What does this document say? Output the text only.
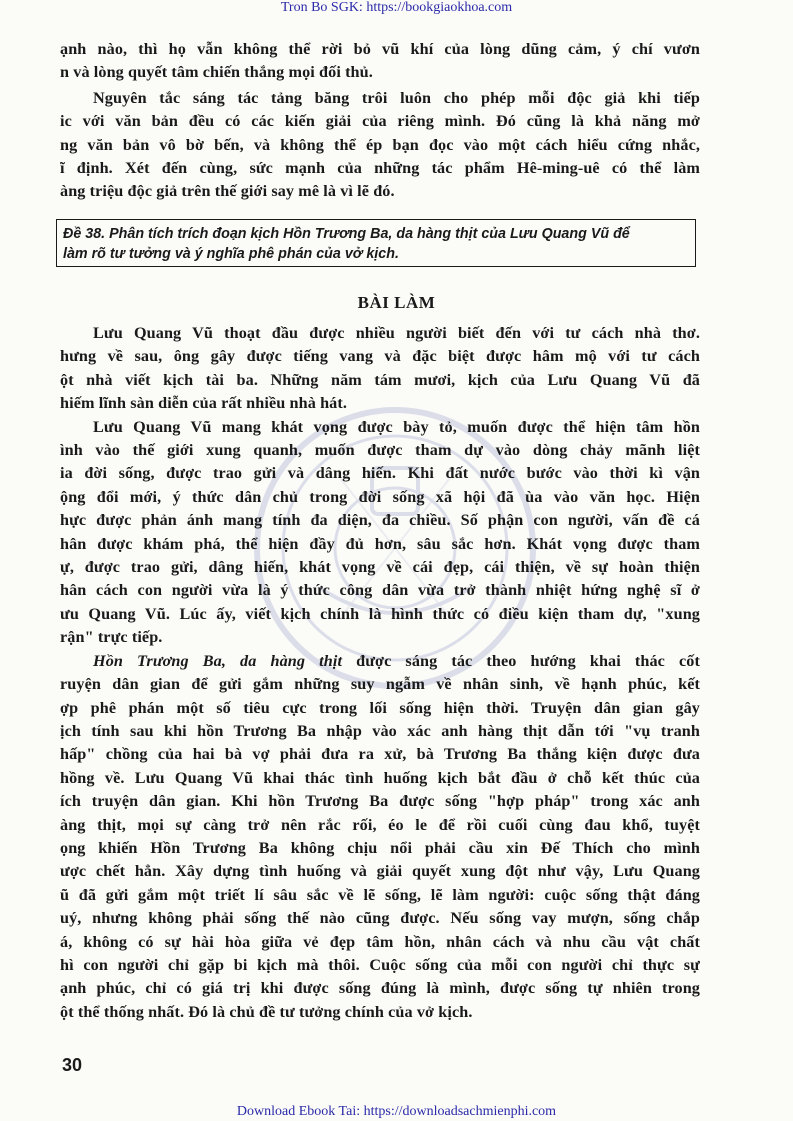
Tron Bo SGK: https://bookgiaokhoa.com

ạnh nào, thì họ vẫn không thể rời bỏ vũ khí của lòng dũng cảm, ý chí vươn
n và lòng quyết tâm chiến thắng mọi đối thủ.

Nguyên tắc sáng tác tảng băng trôi luôn cho phép mỗi độc giả khi tiếp
ic với văn bản đều có các kiến giải của riêng mình. Đó cũng là khả năng mở
ng văn bản vô bờ bến, và không thể ép bạn đọc vào một cách hiểu cứng nhắc,
ĩ định. Xét đến cùng, sức mạnh của những tác phẩm Hê-ming-uê có thể làm
àng triệu độc giả trên thế giới say mê là vì lẽ đó.

Đề 38. Phân tích trích đoạn kịch Hồn Trương Ba, da hàng thịt của Lưu Quang Vũ để
làm rõ tư tưởng và ý nghĩa phê phán của vở kịch.
BÀI LÀM

Lưu Quang Vũ thoạt đầu được nhiều người biết đến với tư cách nhà thơ.
hưng về sau, ông gây được tiếng vang và đặc biệt được hâm mộ với tư cách
ột nhà viết kịch tài ba. Những năm tám mươi, kịch của Lưu Quang Vũ đã
hiếm lĩnh sàn diễn của rất nhiều nhà hát.

Lưu Quang Vũ mang khát vọng được bày tỏ, muốn được thể hiện tâm hồn
ình vào thế giới xung quanh, muốn được tham dự vào dòng chảy mãnh liệt
ia đời sống, được trao gửi và dâng hiến. Khi đất nước bước vào thời kì vận
ộng đổi mới, ý thức dân chủ trong đời sống xã hội đã ùa vào văn học. Hiện
hực được phản ánh mang tính đa diện, đa chiều. Số phận con người, vấn đề cá
hân được khám phá, thể hiện đầy đủ hơn, sâu sắc hơn. Khát vọng được tham
ự, được trao gửi, dâng hiến, khát vọng về cái đẹp, cái thiện, về sự hoàn thiện
hân cách con người vừa là ý thức công dân vừa trở thành nhiệt hứng nghệ sĩ ở
ưu Quang Vũ. Lúc ấy, viết kịch chính là hình thức có điều kiện tham dự, "xung
rận" trực tiếp.

Hồn Trương Ba, da hàng thịt được sáng tác theo hướng khai thác cốt
ruyện dân gian để gửi gắm những suy ngẫm về nhân sinh, về hạnh phúc, kết
ợp phê phán một số tiêu cực trong lối sống hiện thời. Truyện dân gian gây
ịch tính sau khi hồn Trương Ba nhập vào xác anh hàng thịt dẫn tới "vụ tranh
hấp" chồng của hai bà vợ phải đưa ra xử, bà Trương Ba thắng kiện được đưa
hồng về. Lưu Quang Vũ khai thác tình huống kịch bắt đầu ở chỗ kết thúc của
ích truyện dân gian. Khi hồn Trương Ba được sống "hợp pháp" trong xác anh
àng thịt, mọi sự càng trở nên rắc rối, éo le để rồi cuối cùng đau khổ, tuyệt
ọng khiến Hồn Trương Ba không chịu nổi phải cầu xin Đế Thích cho mình
ược chết hẳn. Xây dựng tình huống và giải quyết xung đột như vậy, Lưu Quang
ũ đã gửi gắm một triết lí sâu sắc về lẽ sống, lẽ làm người: cuộc sống thật đáng
uý, nhưng không phải sống thế nào cũng được. Nếu sống vay mượn, sống chắp
á, không có sự hài hòa giữa vẻ đẹp tâm hồn, nhân cách và nhu cầu vật chất
hì con người chỉ gặp bi kịch mà thôi. Cuộc sống của mỗi con người chỉ thực sự
ạnh phúc, chỉ có giá trị khi được sống đúng là mình, được sống tự nhiên trong
ột thể thống nhất. Đó là chủ đề tư tưởng chính của vở kịch.

30
Download Ebook Tai: https://downloadsachmienphi.com
